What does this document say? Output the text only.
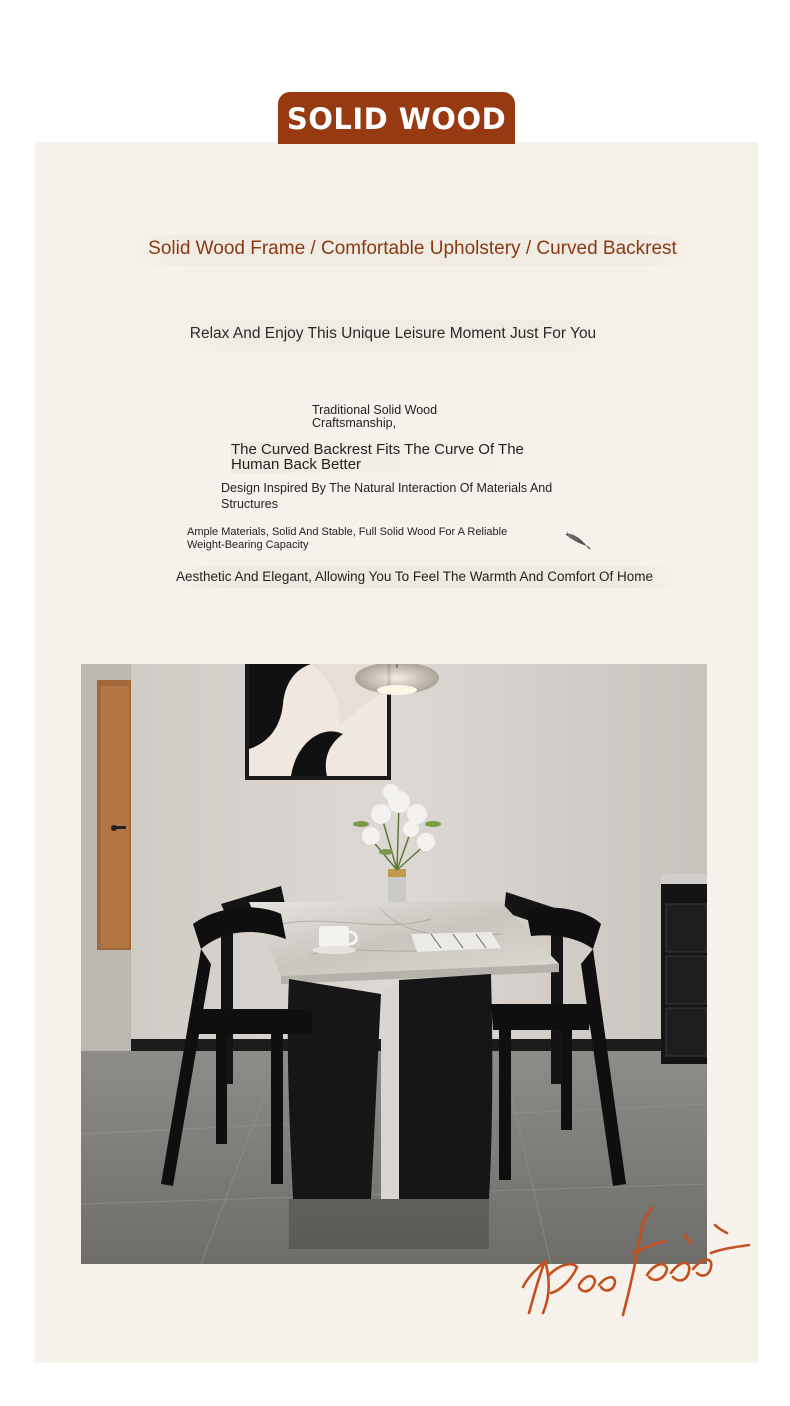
SOLID WOOD
Solid Wood Frame / Comfortable Upholstery / Curved Backrest
Relax And Enjoy This Unique Leisure Moment Just For You
Traditional Solid Wood Craftsmanship,
The Curved Backrest Fits The Curve Of The Human Back Better
Design Inspired By The Natural Interaction Of Materials And Structures
Ample Materials, Solid And Stable, Full Solid Wood For A Reliable Weight-Bearing Capacity
Aesthetic And Elegant, Allowing You To Feel The Warmth And Comfort Of Home
